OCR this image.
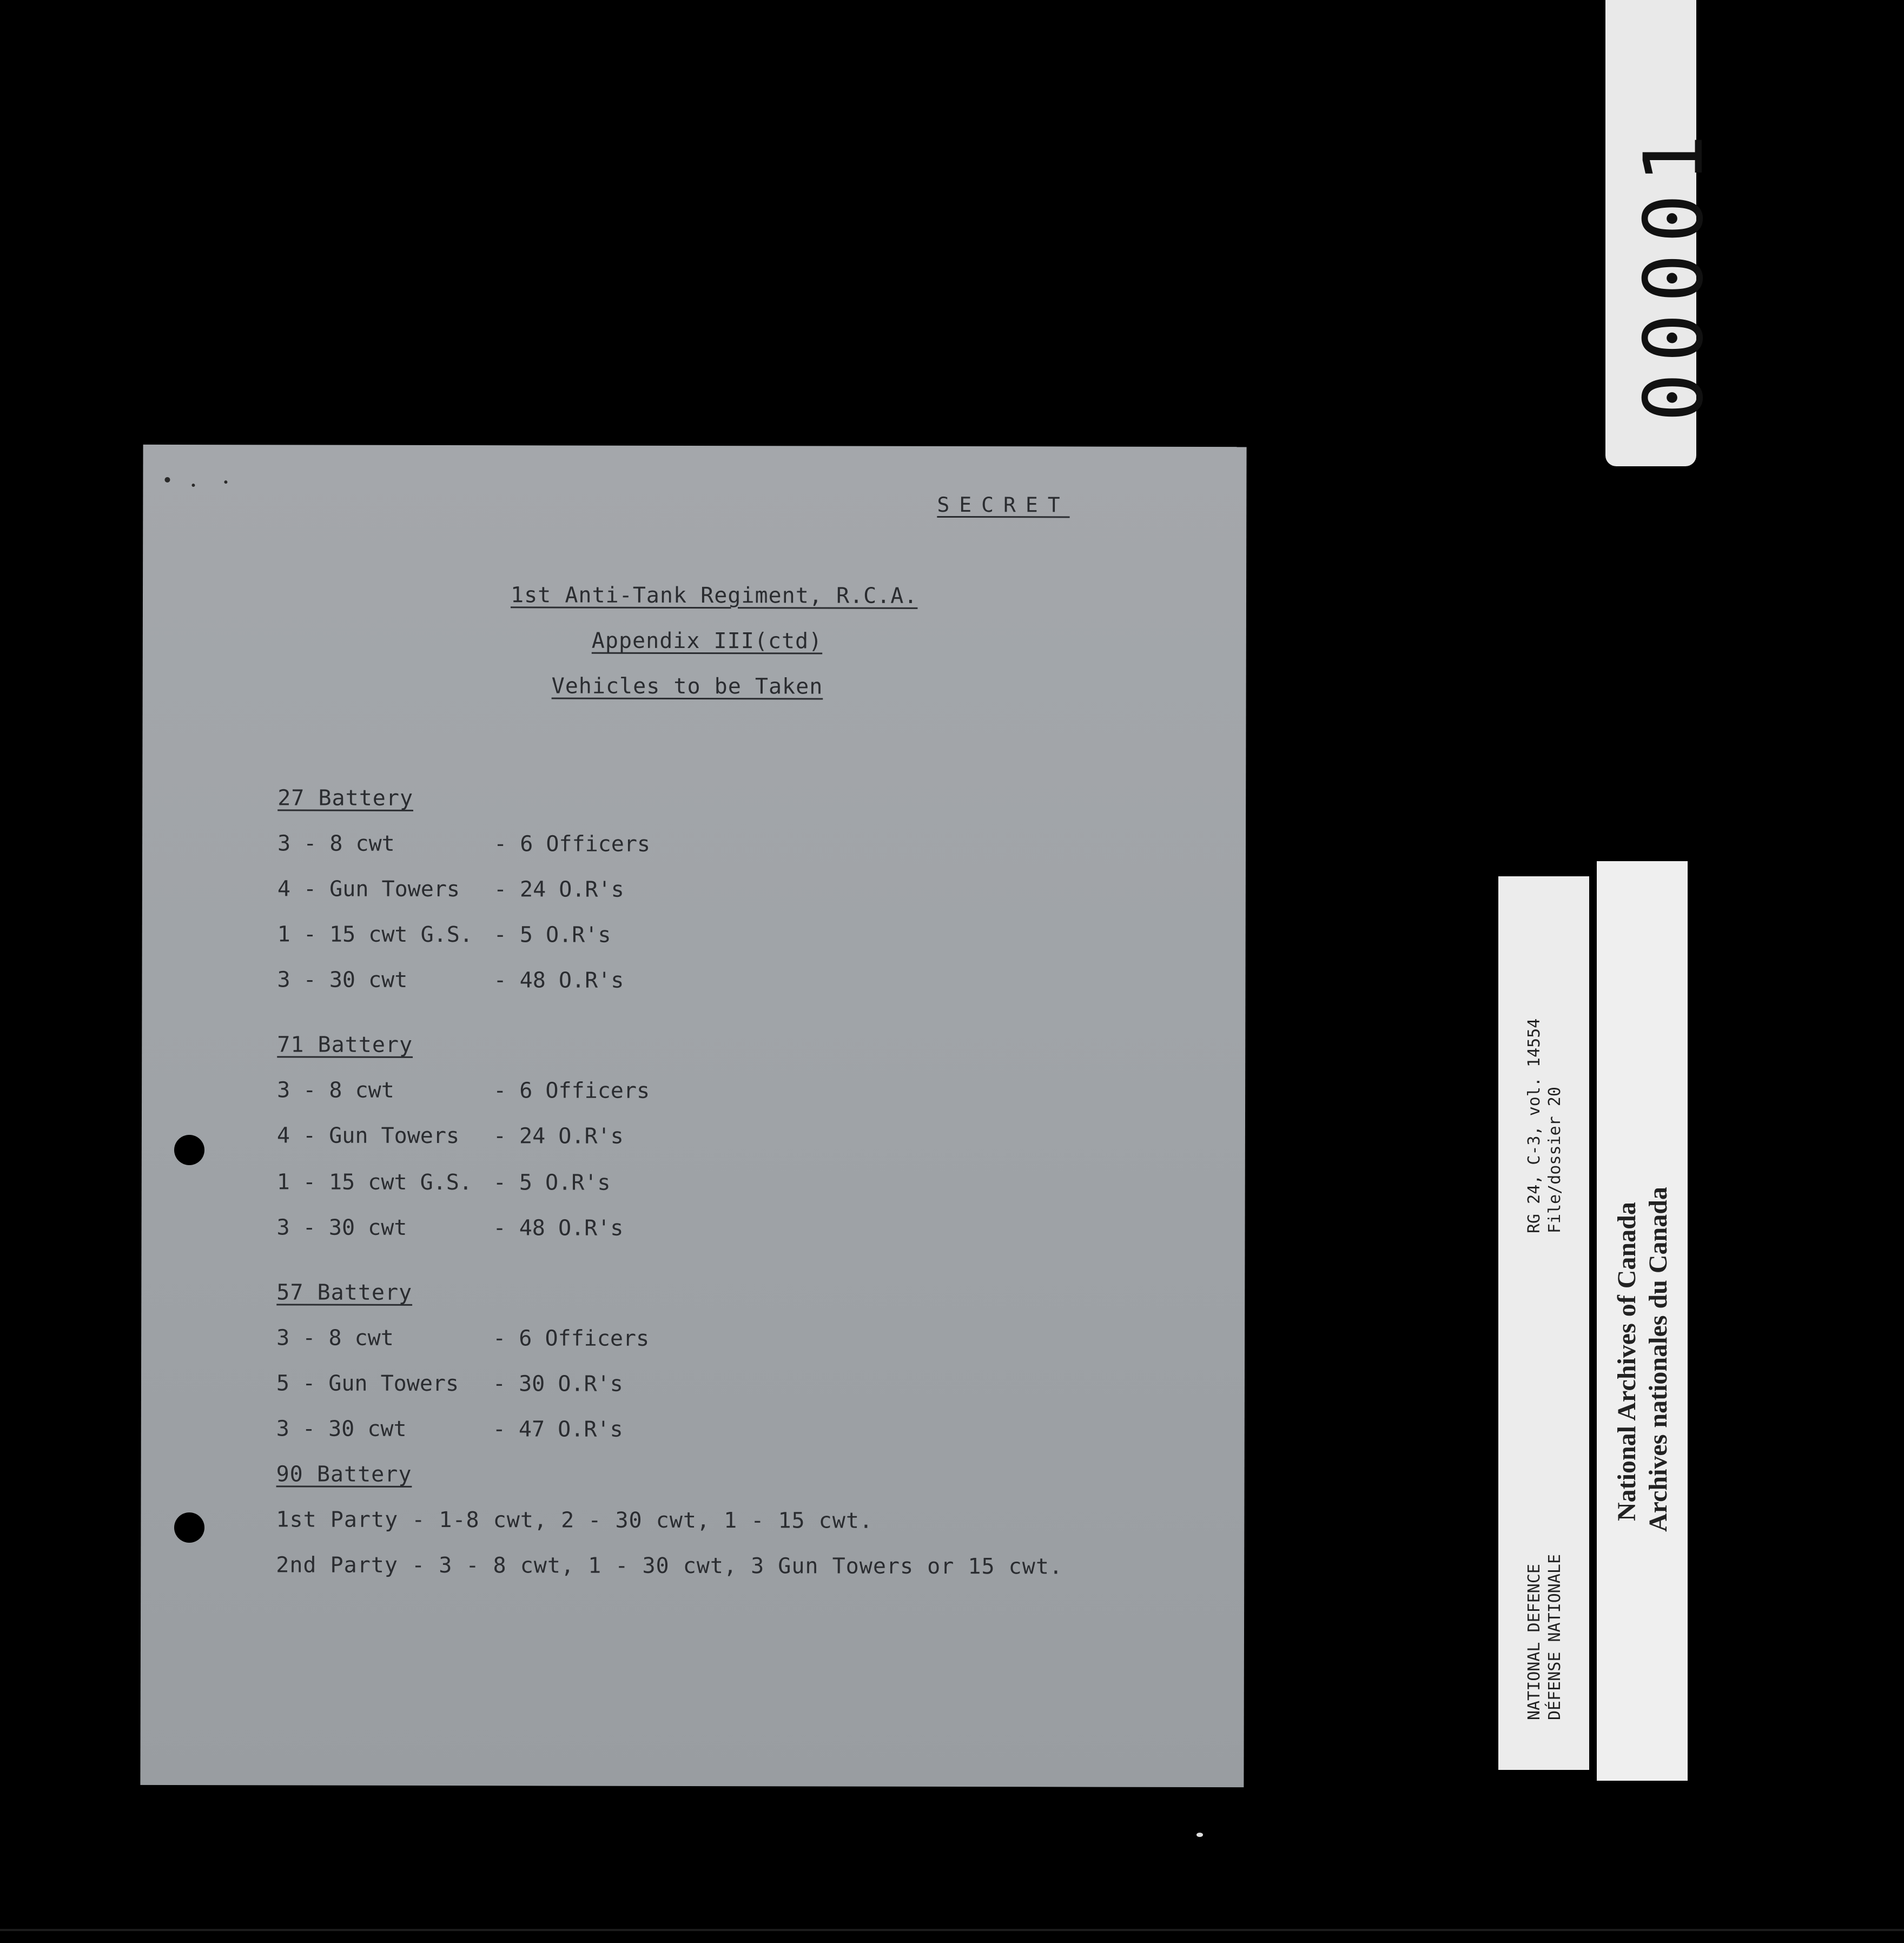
00001
SECRET
1st Anti-Tank Regiment, R.C.A.
Appendix III(ctd)
Vehicles to be Taken
27 Battery
3 - 8 cwt	- 6 Officers
4 - Gun Towers	- 24 O.R's
1 - 15 cwt G.S. - 5 O.R's
3 - 30 cwt	- 48 O.R's
71 Battery
3 - 8 cwt	- 6 Officers
4 - Gun Towers	- 24 O.R's
1 - 15 cwt G.S. - 5 O.R's
3 - 30 cwt	- 48 O.R's
57 Battery
3 - 8 cwt	- 6 Officers
5 - Gun Towers	- 30 O.R's
3 - 30 cwt	- 47 O.R's
90 Battery
1st Party - 1-8 cwt, 2 - 30 cwt, 1 - 15 cwt.
2nd Party - 3 - 8 cwt, 1 - 30 cwt, 3 Gun Towers or 15 cwt.
RG 24, C-3, vol. 14554 File/dossier 20
NATIONAL DEFENCE DÉFENSE NATIONALE
National Archives of Canada Archives nationales du Canada
